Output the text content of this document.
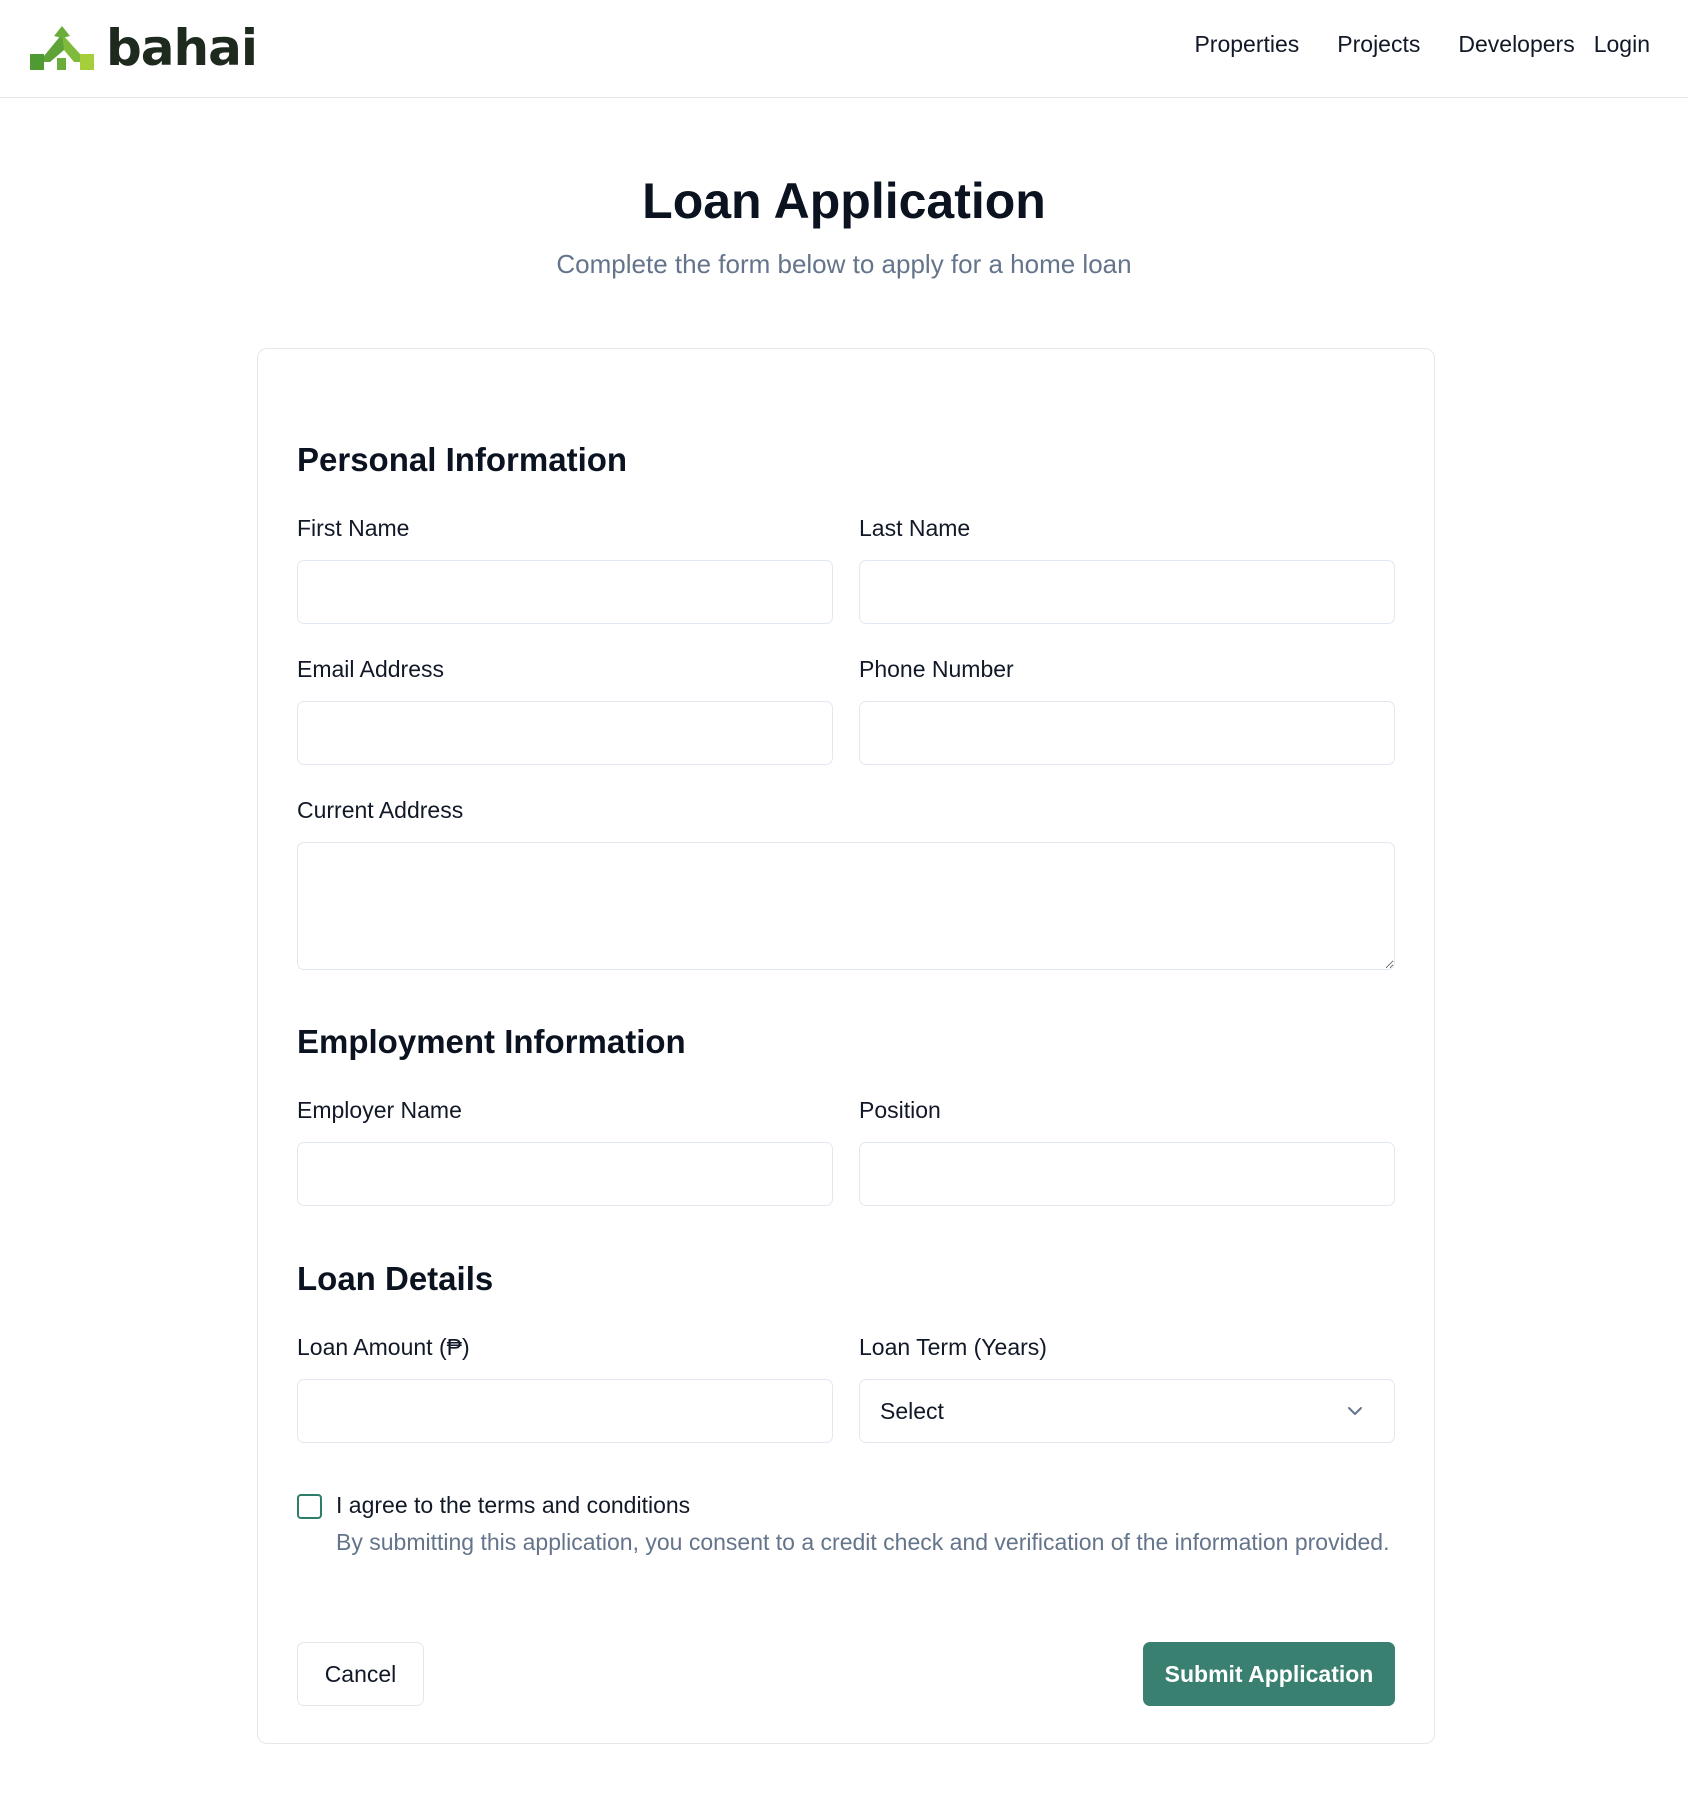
bahai	Properties Projects Developers Login
Loan Application

Complete the form below to apply for a home loan

Personal Information
First Name	Last Name
Email Address	Phone Number
Current Address
Employment Information
Employer Name	Position
Loan Details
Loan Amount (₱)	Loan Term (Years)
Select
I agree to the terms and conditions

By submitting this application, you consent to a credit check and verification of the information provided.

Cancel	Submit Application
